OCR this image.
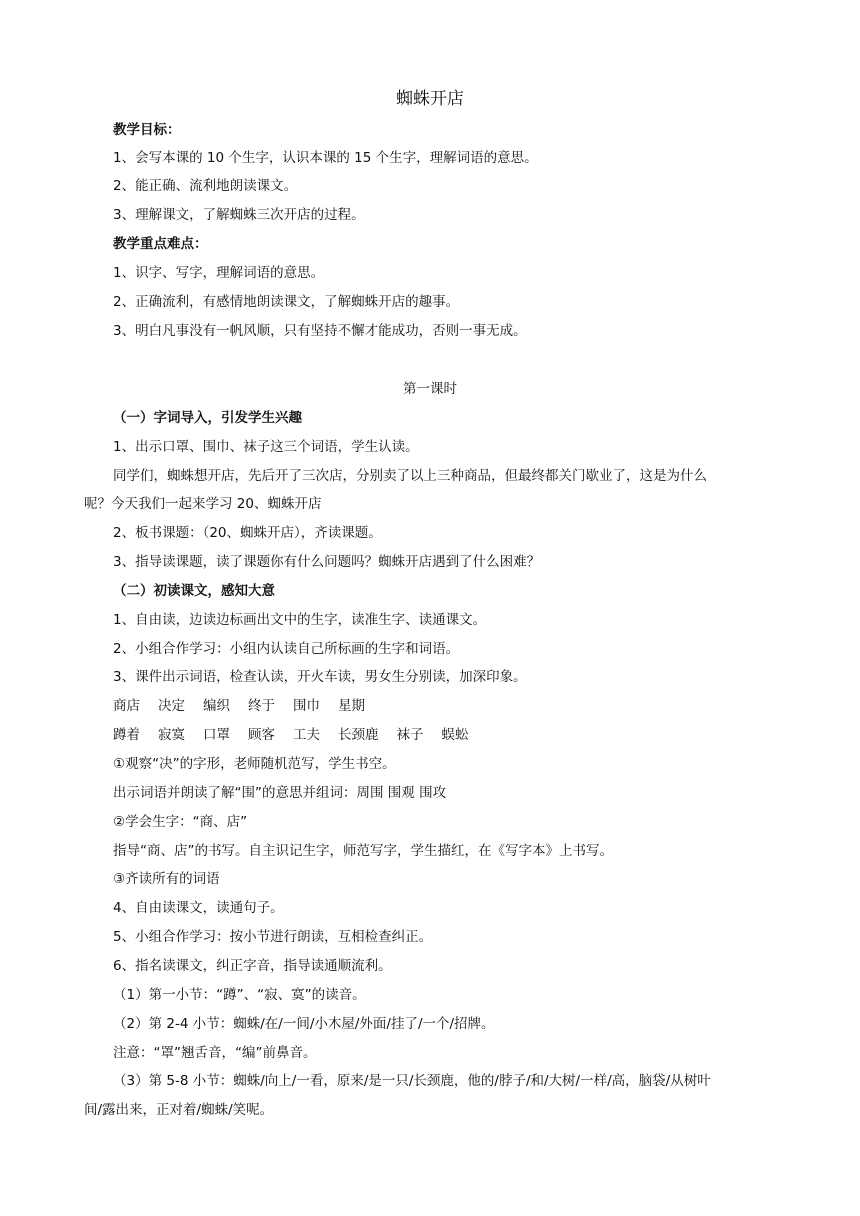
蜘蛛开店
教学目标：
1、会写本课的 10 个生字，认识本课的 15 个生字，理解词语的意思。
2、能正确、流利地朗读课文。
3、理解课文，了解蜘蛛三次开店的过程。
教学重点难点：
1、识字、写字，理解词语的意思。
2、正确流利，有感情地朗读课文，了解蜘蛛开店的趣事。
3、明白凡事没有一帆风顺，只有坚持不懈才能成功，否则一事无成。
第一课时
（一）字词导入，引发学生兴趣
1、出示口罩、围巾、袜子这三个词语，学生认读。
同学们，蜘蛛想开店，先后开了三次店，分别卖了以上三种商品，但最终都关门歇业了，这是为什么
呢？今天我们一起来学习 20、蜘蛛开店
2、板书课题：（20、蜘蛛开店），齐读课题。
3、指导读课题，读了课题你有什么问题吗？蜘蛛开店遇到了什么困难？
（二）初读课文，感知大意
1、自由读，边读边标画出文中的生字，读准生字、读通课文。
2、小组合作学习：小组内认读自己所标画的生字和词语。
3、课件出示词语，检查认读，开火车读，男女生分别读，加深印象。
商店 决定 编织 终于 围巾 星期
蹲着 寂寞 口罩 顾客 工夫 长颈鹿 袜子 蜈蚣
①观察“决”的字形，老师随机范写，学生书空。
出示词语并朗读了解“围”的意思并组词：周围 围观 围攻
②学会生字：“商、店”
指导“商、店”的书写。自主识记生字，师范写字，学生描红，在《写字本》上书写。
③齐读所有的词语
4、自由读课文，读通句子。
5、小组合作学习：按小节进行朗读，互相检查纠正。
6、指名读课文，纠正字音，指导读通顺流利。
（1）第一小节：“蹲”、“寂、寞”的读音。
（2）第 2-4 小节：蜘蛛/在/一间/小木屋/外面/挂了/一个/招牌。
注意：“罩”翘舌音，“编”前鼻音。
（3）第 5-8 小节：蜘蛛/向上/一看，原来/是一只/长颈鹿，他的/脖子/和/大树/一样/高，脑袋/从树叶
间/露出来，正对着/蜘蛛/笑呢。
